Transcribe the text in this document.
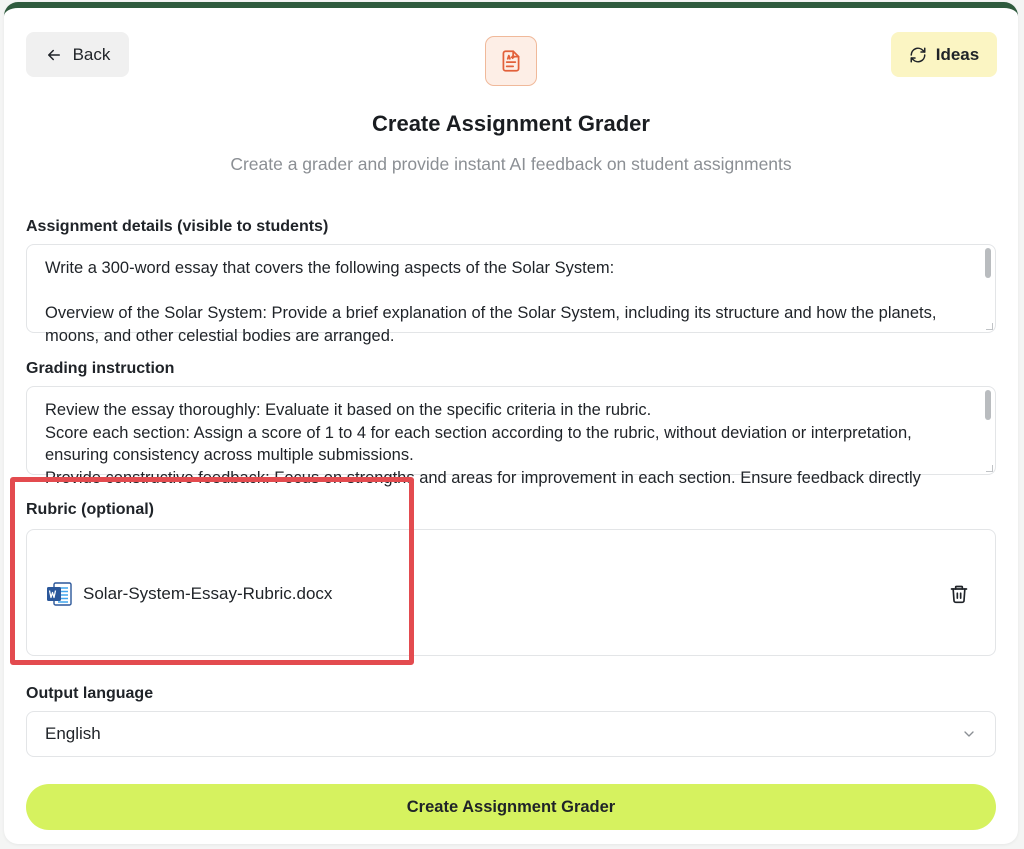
Back	Ideas
Create Assignment Grader
Create a grader and provide instant AI feedback on student assignments
Assignment details (visible to students)
Write a 300-word essay that covers the following aspects of the Solar System:

Overview of the Solar System: Provide a brief explanation of the Solar System, including its structure and how the planets, moons, and other celestial bodies are arranged.
Grading instruction
Review the essay thoroughly: Evaluate it based on the specific criteria in the rubric.
Score each section: Assign a score of 1 to 4 for each section according to the rubric, without deviation or interpretation, ensuring consistency across multiple submissions.
Provide constructive feedback: Focus on strengths and areas for improvement in each section. Ensure feedback directly
Rubric (optional)
Solar-System-Essay-Rubric.docx
Output language
English
Create Assignment Grader
